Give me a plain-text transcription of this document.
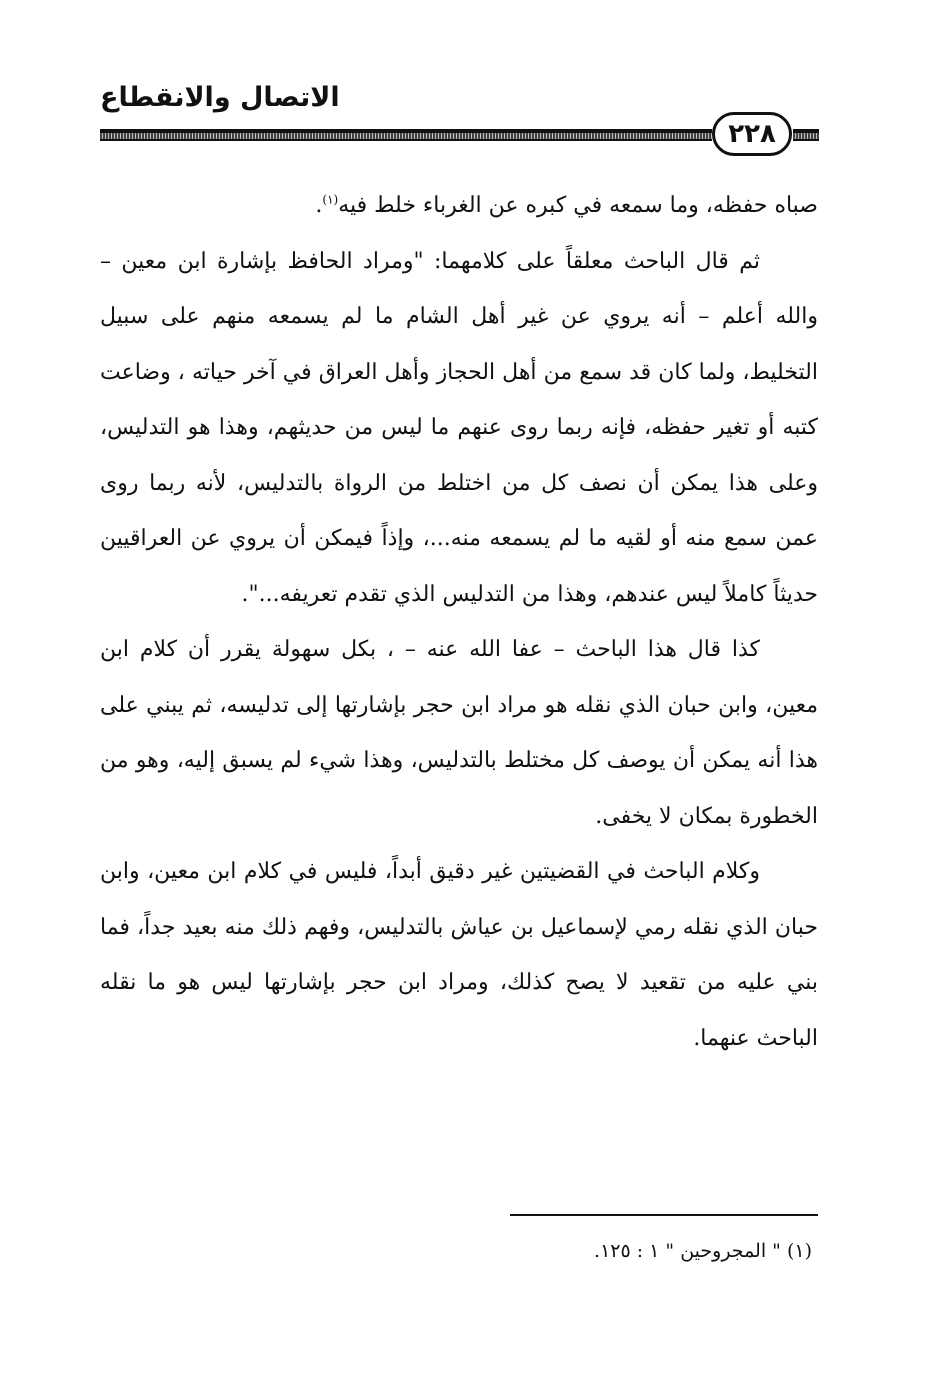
الاتصال والانقطاع
٢٢٨

صباه حفظه، وما سمعه في كبره عن الغرباء خلط فيه$^{(١)}$.

ثم قال الباحث معلقاً على كلامهما: "ومراد الحافظ بإشارة ابن معين – والله أعلم – أنه يروي عن غير أهل الشام ما لم يسمعه منهم على سبيل التخليط، ولما كان قد سمع من أهل الحجاز وأهل العراق في آخر حياته ، وضاعت كتبه أو تغير حفظه، فإنه ربما روى عنهم ما ليس من حديثهم، وهذا هو التدليس، وعلى هذا يمكن أن نصف كل من اختلط من الرواة بالتدليس، لأنه ربما روى عمن سمع منه أو لقيه ما لم يسمعه منه...، وإذاً فيمكن أن يروي عن العراقيين حديثاً كاملاً ليس عندهم، وهذا من التدليس الذي تقدم تعريفه...".

كذا قال هذا الباحث – عفا الله عنه – ، بكل سهولة يقرر أن كلام ابن معين، وابن حبان الذي نقله هو مراد ابن حجر بإشارتها إلى تدليسه، ثم يبني على هذا أنه يمكن أن يوصف كل مختلط بالتدليس، وهذا شيء لم يسبق إليه، وهو من الخطورة بمكان لا يخفى.

وكلام الباحث في القضيتين غير دقيق أبداً، فليس في كلام ابن معين، وابن حبان الذي نقله رمي لإسماعيل بن عياش بالتدليس، وفهم ذلك منه بعيد جداً، فما بني عليه من تقعيد لا يصح كذلك، ومراد ابن حجر بإشارتها ليس هو ما نقله الباحث عنهما.

(١) " المجروحين " ١ : ١٢٥.
